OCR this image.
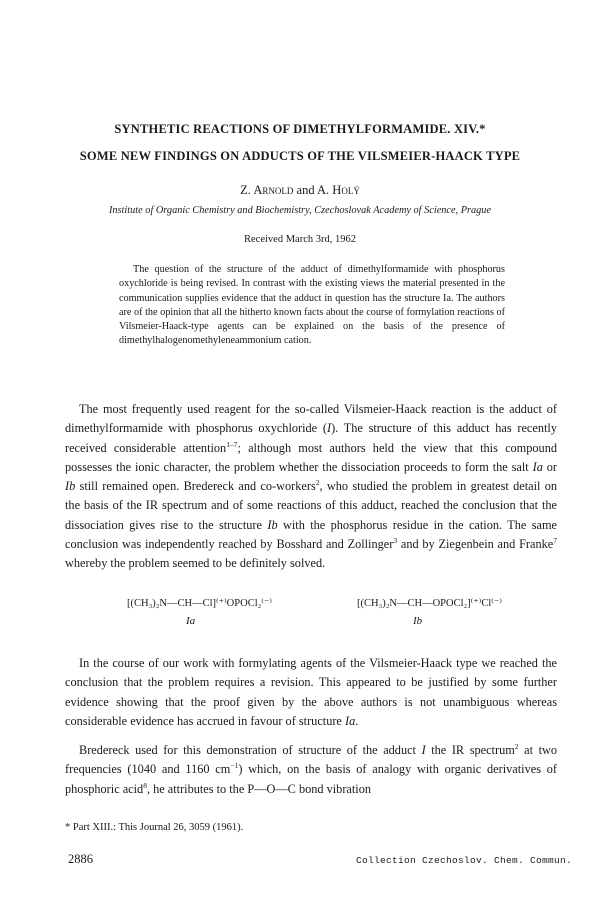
SYNTHETIC REACTIONS OF DIMETHYLFORMAMIDE. XIV.*
SOME NEW FINDINGS ON ADDUCTS OF THE VILSMEIER-HAACK TYPE
Z. Arnold and A. Holý
Institute of Organic Chemistry and Biochemistry, Czechoslovak Academy of Science, Prague
Received March 3rd, 1962
The question of the structure of the adduct of dimethylformamide with phosphorus oxychloride is being revised. In contrast with the existing views the material presented in the communication supplies evidence that the adduct in question has the structure Ia. The authors are of the opinion that all the hitherto known facts about the course of formylation reactions of Vilsmeier-Haack-type agents can be explained on the basis of the presence of dimethylhalogenomethyleneammonium cation.
The most frequently used reagent for the so-called Vilsmeier-Haack reaction is the adduct of dimethylformamide with phosphorus oxychloride (I). The structure of this adduct has recently received considerable attention$^{1-7}$; although most authors held the view that this compound possesses the ionic character, the problem whether the dissociation proceeds to form the salt Ia or Ib still remained open. Bredereck and co-workers$^2$, who studied the problem in greatest detail on the basis of the IR spectrum and of some reactions of this adduct, reached the conclusion that the dissociation gives rise to the structure Ib with the phosphorus residue in the cation. The same conclusion was independently reached by Bosshard and Zollinger$^3$ and by Ziegenbein and Franke$^7$ whereby the problem seemed to be definitely solved.
[(CH₃)₂N—CH—Cl]⁽⁺⁾OPOCl₂⁽⁻⁾	[(CH₃)₂N—CH—OPOCl₂]⁽⁺⁾Cl⁽⁻⁾
Ia	Ib
In the course of our work with formylating agents of the Vilsmeier-Haack type we reached the conclusion that the problem requires a revision. This appeared to be justified by some further evidence showing that the proof given by the above authors is not unambiguous whereas considerable evidence has accrued in favour of structure Ia.
Bredereck used for this demonstration of structure of the adduct I the IR spectrum$^2$ at two frequencies (1040 and 1160 $cm^{-1}$) which, on the basis of analogy with organic derivatives of phosphoric acid$^8$, he attributes to the P—O—C bond vibration
* Part XIII.: This Journal 26, 3059 (1961).
2886	Collection Czechoslov. Chem. Commun.
